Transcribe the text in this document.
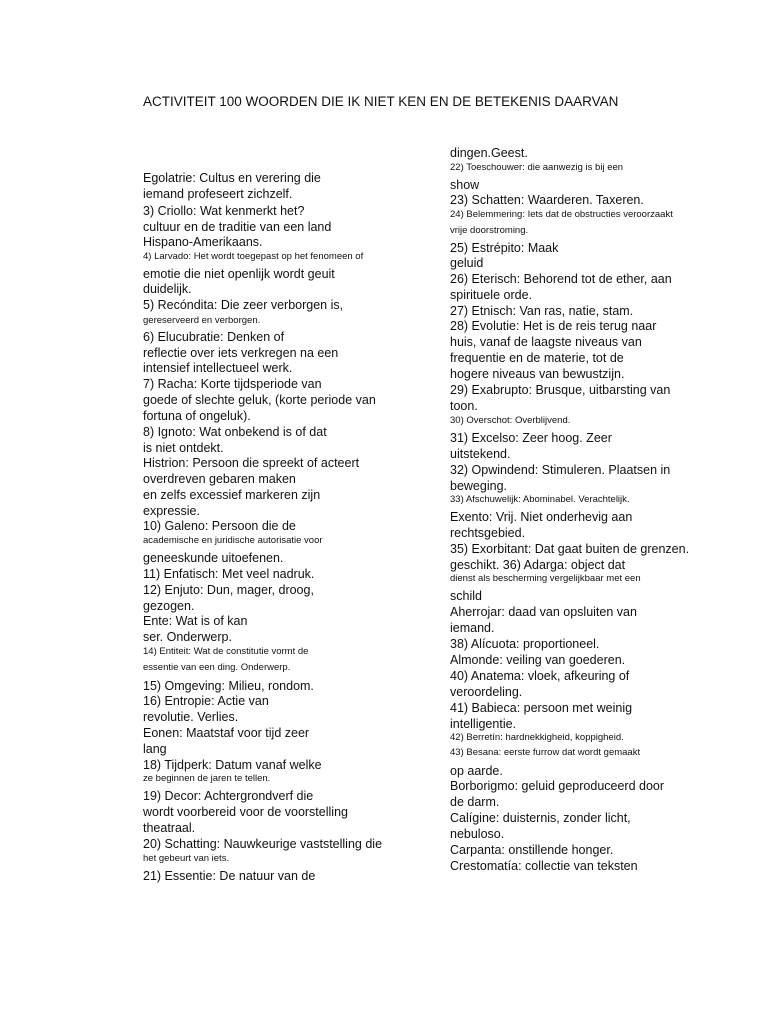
ACTIVITEIT 100 WOORDEN DIE IK NIET KEN EN DE BETEKENIS DAARVAN
Egolatrie: Cultus en verering die
iemand profeseert zichzelf.
3) Criollo: Wat kenmerkt het?
cultuur en de traditie van een land
Hispano-Amerikaans.
4) Larvado: Het wordt toegepast op het fenomeen of
emotie die niet openlijk wordt geuit
duidelijk.
5) Recóndita: Die zeer verborgen is,
gereserveerd en verborgen.
6) Elucubratie: Denken of
reflectie over iets verkregen na een
intensief intellectueel werk.
7) Racha: Korte tijdsperiode van
goede of slechte geluk, (korte periode van
fortuna of ongeluk).
8) Ignoto: Wat onbekend is of dat
is niet ontdekt.
Histrion: Persoon die spreekt of acteert
overdreven gebaren maken
en zelfs excessief markeren zijn
expressie.
10) Galeno: Persoon die de
academische en juridische autorisatie voor
geneeskunde uitoefenen.
11) Enfatisch: Met veel nadruk.
12) Enjuto: Dun, mager, droog,
gezogen.
Ente: Wat is of kan
ser. Onderwerp.
14) Entiteit: Wat de constitutie vormt de
essentie van een ding. Onderwerp.
15) Omgeving: Milieu, rondom.
16) Entropie: Actie van
revolutie. Verlies.
Eonen: Maatstaf voor tijd zeer
lang
18) Tijdperk: Datum vanaf welke
ze beginnen de jaren te tellen.
19) Decor: Achtergrondverf die
wordt voorbereid voor de voorstelling
theatraal.
20) Schatting: Nauwkeurige vaststelling die
het gebeurt van iets.
21) Essentie: De natuur van de
dingen.Geest.
22) Toeschouwer: die aanwezig is bij een
show
23) Schatten: Waarderen. Taxeren.
24) Belemmering: Iets dat de obstructies veroorzaakt
vrije doorstroming.
25) Estrépito: Maak
geluid
26) Eterisch: Behorend tot de ether, aan
spirituele orde.
27) Etnisch: Van ras, natie, stam.
28) Evolutie: Het is de reis terug naar
huis, vanaf de laagste niveaus van
frequentie en de materie, tot de
hogere niveaus van bewustzijn.
29) Exabrupto: Brusque, uitbarsting van
toon.
30) Overschot: Overblijvend.
31) Excelso: Zeer hoog. Zeer
uitstekend.
32) Opwindend: Stimuleren. Plaatsen in
beweging.
33) Afschuwelijk: Abominabel. Verachtelijk.
Exento: Vrij. Niet onderhevig aan
rechtsgebied.
35) Exorbitant: Dat gaat buiten de grenzen.
geschikt. 36) Adarga: object dat
dienst als bescherming vergelijkbaar met een
schild
Aherrojar: daad van opsluiten van
iemand.
38) Alícuota: proportioneel.
Almonde: veiling van goederen.
40) Anatema: vloek, afkeuring of
veroordeling.
41) Babieca: persoon met weinig
intelligentie.
42) Berretín: hardnekkigheid, koppigheid.
43) Besana: eerste furrow dat wordt gemaakt
op aarde.
Borborigmo: geluid geproduceerd door
de darm.
Calígine: duisternis, zonder licht,
nebuloso.
Carpanta: onstillende honger.
Crestomatía: collectie van teksten
